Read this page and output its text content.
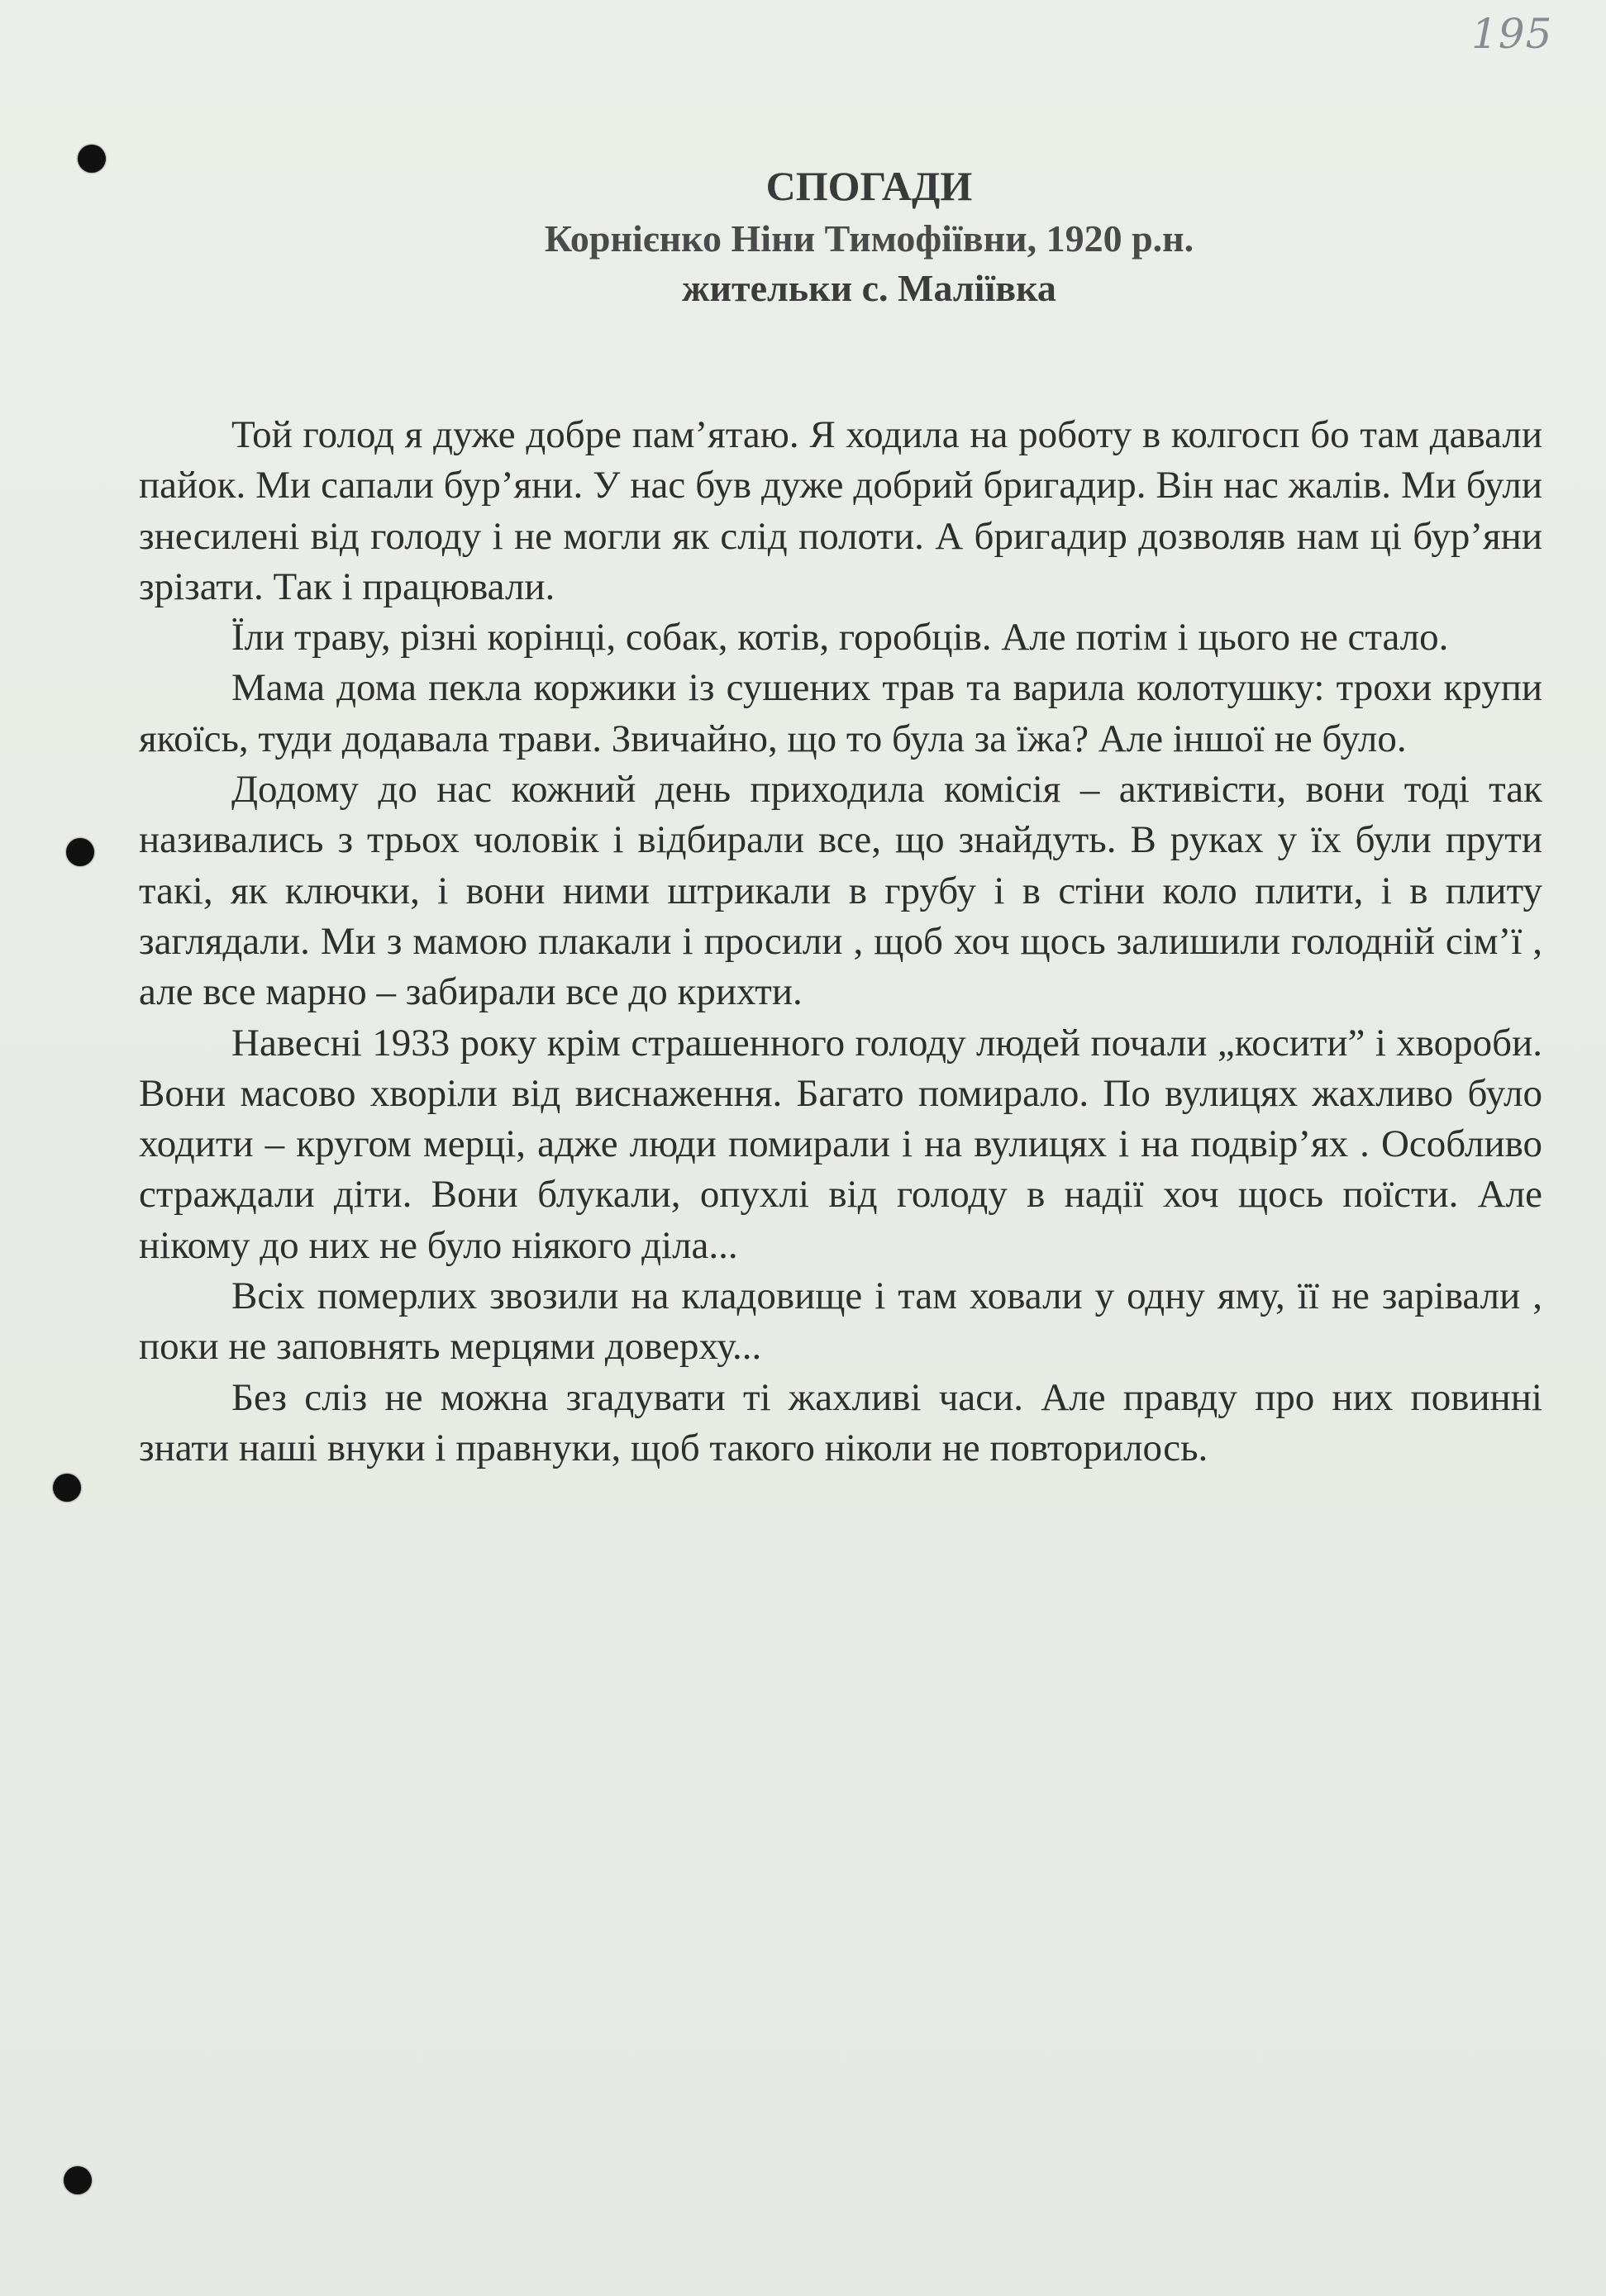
195
СПОГАДИ
Корнієнко Ніни Тимофіївни, 1920 р.н.
жительки с. Маліївка

Той голод я дуже добре пам’ятаю. Я ходила на роботу в колгосп бо там давали пайок. Ми сапали бур’яни. У нас був дуже добрий бригадир. Він нас жалів. Ми були знесилені від голоду і не могли як слід полоти. А бригадир дозволяв нам ці бур’яни зрізати. Так і працювали.

Їли траву, різні корінці, собак, котів, горобців. Але потім і цього не стало.

Мама дома пекла коржики із сушених трав та варила колотушку: трохи крупи якоїсь, туди додавала трави. Звичайно, що то була за їжа? Але іншої не було.

Додому до нас кожний день приходила комісія – активісти, вони тоді так називались з трьох чоловік і відбирали все, що знайдуть. В руках у їх були прути такі, як ключки, і вони ними штрикали в грубу і в стіни коло плити, і в плиту заглядали. Ми з мамою плакали і просили , щоб хоч щось залишили голодній сім’ї , але все марно – забирали все до крихти.

Навесні 1933 року крім страшенного голоду людей почали „косити” і хвороби. Вони масово хворіли від виснаження. Багато помирало. По вулицях жахливо було ходити – кругом мерці, адже люди помирали і на вулицях і на подвір’ях . Особливо страждали діти. Вони блукали, опухлі від голоду в надії хоч щось поїсти. Але нікому до них не було ніякого діла...

Всіх померлих звозили на кладовище і там ховали у одну яму, її не зарівали , поки не заповнять мерцями доверху...

Без сліз не можна згадувати ті жахливі часи. Але правду про них повинні знати наші внуки і правнуки, щоб такого ніколи не повторилось.
